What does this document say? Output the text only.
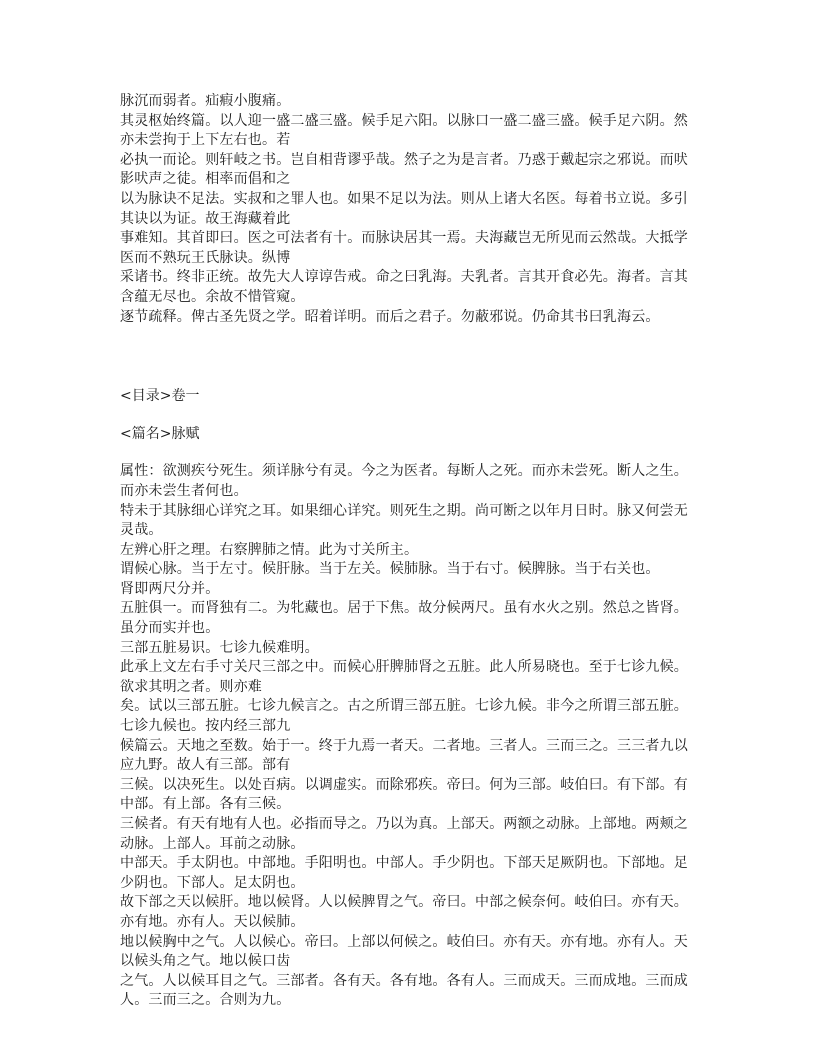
脉沉而弱者。疝瘕小腹痛。

其灵枢始终篇。以人迎一盛二盛三盛。候手足六阳。以脉口一盛二盛三盛。候手足六阴。然亦未尝拘于上下左右也。若

必执一而论。则轩岐之书。岂自相背谬乎哉。然子之为是言者。乃惑于戴起宗之邪说。而吠影吠声之徒。相率而倡和之

以为脉诀不足法。实叔和之罪人也。如果不足以为法。则从上诸大名医。每着书立说。多引其诀以为证。故王海藏着此

事难知。其首即曰。医之可法者有十。而脉诀居其一焉。夫海藏岂无所见而云然哉。大抵学医而不熟玩王氏脉诀。纵博

采诸书。终非正统。故先大人谆谆告戒。命之曰乳海。夫乳者。言其开食必先。海者。言其含蕴无尽也。余故不惜管窥。

逐节疏释。俾古圣先贤之学。昭着详明。而后之君子。勿蔽邪说。仍命其书曰乳海云。

<目录>卷一

<篇名>脉赋

属性：欲测疾兮死生。须详脉兮有灵。今之为医者。每断人之死。而亦未尝死。断人之生。而亦未尝生者何也。

特未于其脉细心详究之耳。如果细心详究。则死生之期。尚可断之以年月日时。脉又何尝无灵哉。

左辨心肝之理。右察脾肺之情。此为寸关所主。

谓候心脉。当于左寸。候肝脉。当于左关。候肺脉。当于右寸。候脾脉。当于右关也。

肾即两尺分并。

五脏俱一。而肾独有二。为牝藏也。居于下焦。故分候两尺。虽有水火之别。然总之皆肾。虽分而实并也。

三部五脏易识。七诊九候难明。

此承上文左右手寸关尺三部之中。而候心肝脾肺肾之五脏。此人所易晓也。至于七诊九候。欲求其明之者。则亦难

矣。试以三部五脏。七诊九候言之。古之所谓三部五脏。七诊九候。非今之所谓三部五脏。七诊九候也。按内经三部九

候篇云。天地之至数。始于一。终于九焉一者天。二者地。三者人。三而三之。三三者九以应九野。故人有三部。部有

三候。以决死生。以处百病。以调虚实。而除邪疾。帝曰。何为三部。岐伯曰。有下部。有中部。有上部。各有三候。

三候者。有天有地有人也。必指而导之。乃以为真。上部天。两额之动脉。上部地。两颊之动脉。上部人。耳前之动脉。

中部天。手太阴也。中部地。手阳明也。中部人。手少阴也。下部天足厥阴也。下部地。足少阴也。下部人。足太阴也。

故下部之天以候肝。地以候肾。人以候脾胃之气。帝曰。中部之候奈何。岐伯曰。亦有天。亦有地。亦有人。天以候肺。

地以候胸中之气。人以候心。帝曰。上部以何候之。岐伯曰。亦有天。亦有地。亦有人。天以候头角之气。地以候口齿

之气。人以候耳目之气。三部者。各有天。各有地。各有人。三而成天。三而成地。三而成人。三而三之。合则为九。
